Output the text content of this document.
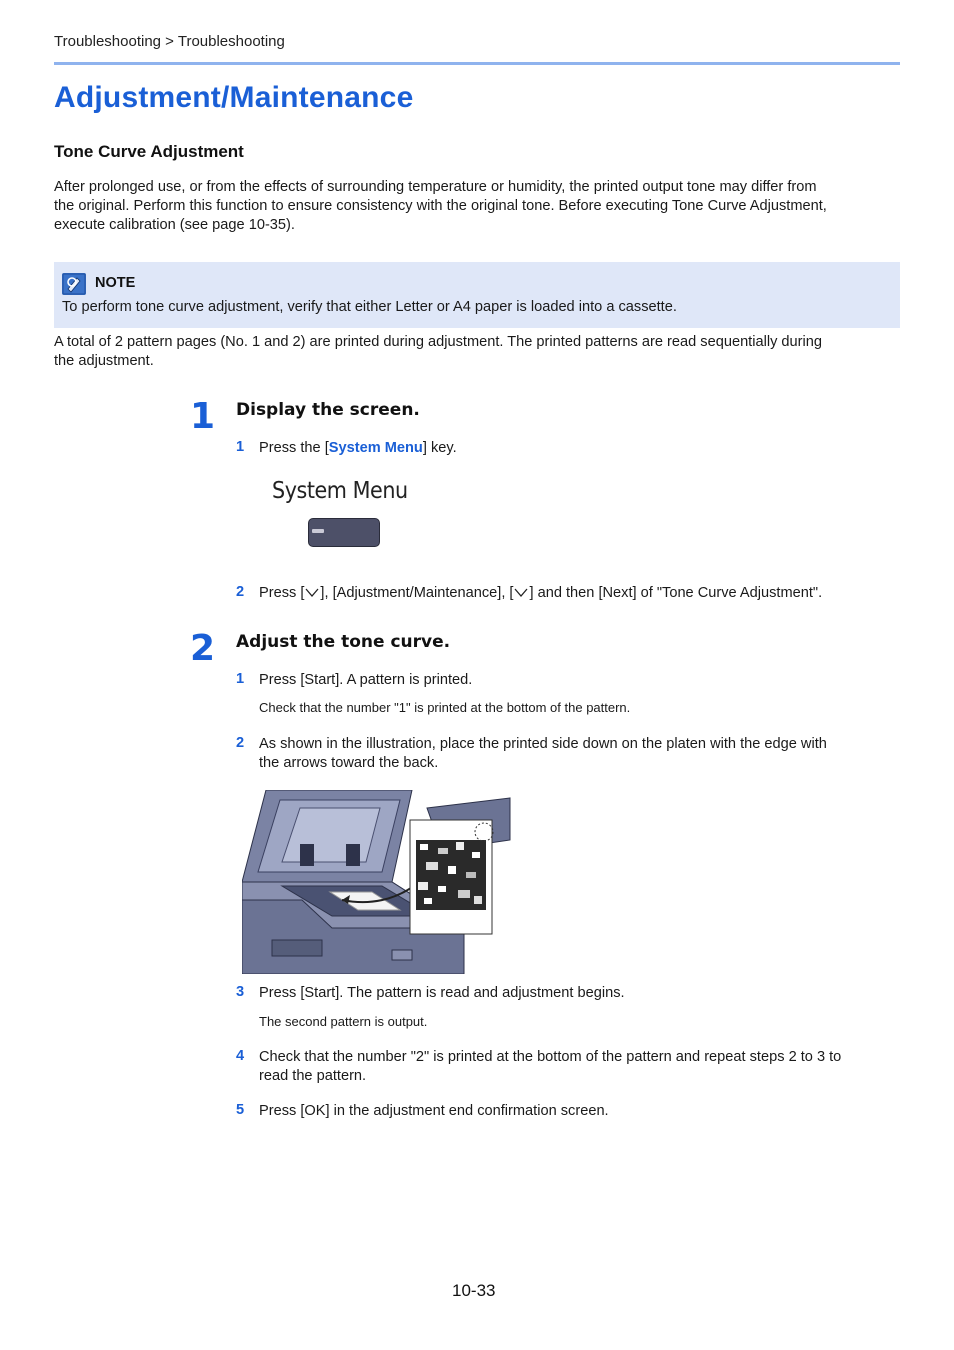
Troubleshooting > Troubleshooting
Adjustment/Maintenance
Tone Curve Adjustment
After prolonged use, or from the effects of surrounding temperature or humidity, the printed output tone may differ from
the original. Perform this function to ensure consistency with the original tone. Before executing Tone Curve Adjustment,
execute calibration (see page 10-35).
NOTE
To perform tone curve adjustment, verify that either Letter or A4 paper is loaded into a cassette.
A total of 2 pattern pages (No. 1 and 2) are printed during adjustment. The printed patterns are read sequentially during
the adjustment.
1 Display the screen.
1 Press the [System Menu] key.
System Menu
2 Press [ ], [Adjustment/Maintenance], [ ] and then [Next] of "Tone Curve Adjustment".
2 Adjust the tone curve.
1 Press [Start]. A pattern is printed.
Check that the number "1" is printed at the bottom of the pattern.
2 As shown in the illustration, place the printed side down on the platen with the edge with
the arrows toward the back.
3 Press [Start]. The pattern is read and adjustment begins.
The second pattern is output.
4 Check that the number "2" is printed at the bottom of the pattern and repeat steps 2 to 3 to
read the pattern.
5 Press [OK] in the adjustment end confirmation screen.
10-33
